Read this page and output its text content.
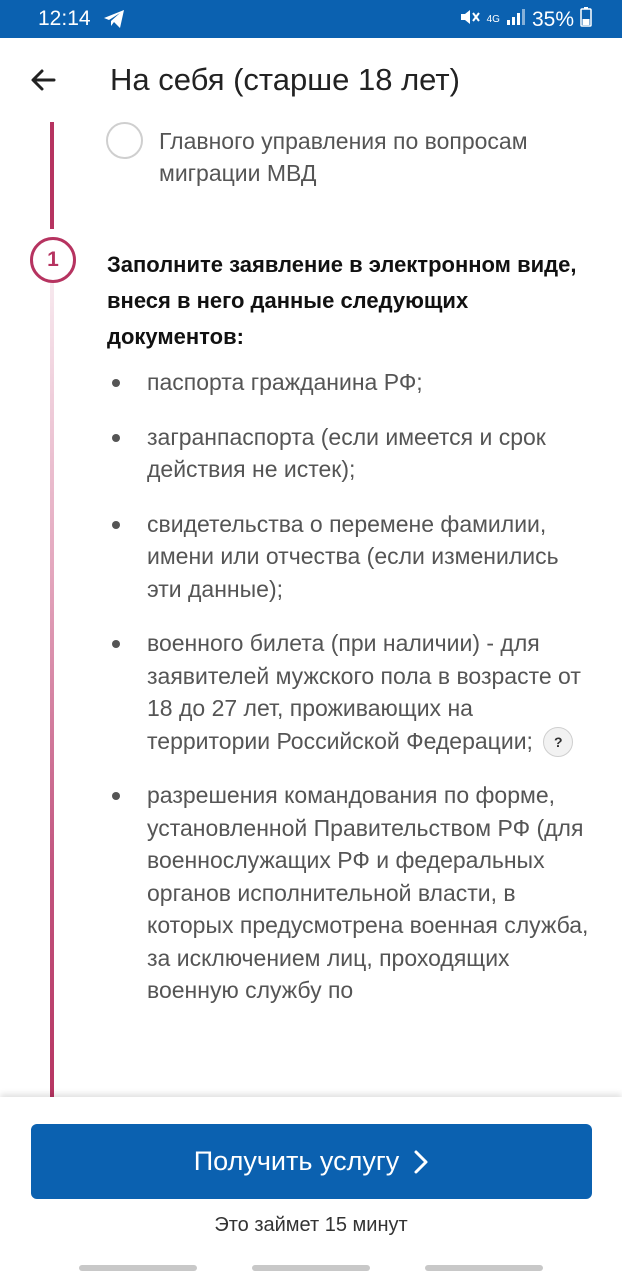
12:14	4G 35%
На себя (старше 18 лет)
Главного управления по вопросам миграции МВД
1	Заполните заявление в электронном виде, внеся в него данные следующих документов:
паспорта гражданина РФ;
загранпаспорта (если имеется и срок действия не истек);
свидетельства о перемене фамилии, имени или отчества (если изменились эти данные);
военного билета (при наличии) - для заявителей мужского пола в возрасте от 18 до 27 лет, проживающих на территории Российской Федерации; ?
разрешения командования по форме, установленной Правительством РФ (для военнослужащих РФ и федеральных органов исполнительной власти, в которых предусмотрена военная служба, за исключением лиц, проходящих военную службу по
Получить услугу
Это займет 15 минут
